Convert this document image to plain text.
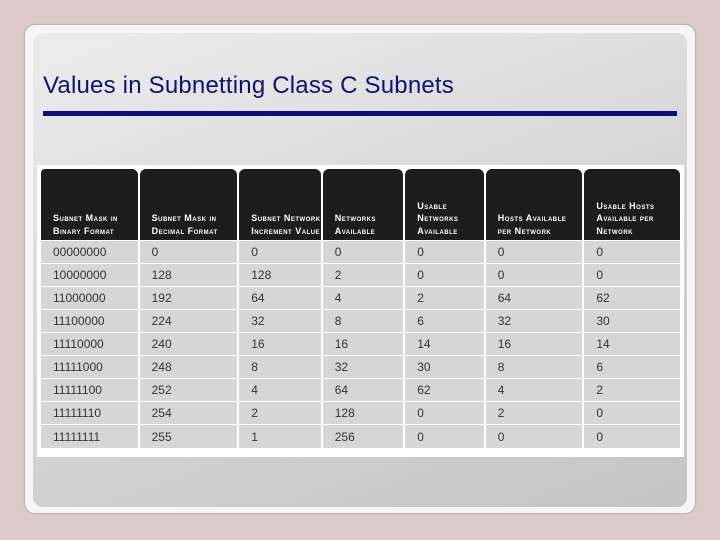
Values in Subnetting Class C Subnets
Subnet Mask in Binary Format	Subnet Mask in Decimal Format	Subnet Network Increment Value	Networks Available	Usable Networks Available	Hosts Available per Network	Usable Hosts Available per Network
00000000	0	0	0	0	0	0
10000000	128	128	2	0	0	0
11000000	192	64	4	2	64	62
11100000	224	32	8	6	32	30
11110000	240	16	16	14	16	14
11111000	248	8	32	30	8	6
11111100	252	4	64	62	4	2
11111110	254	2	128	0	2	0
11111111	255	1	256	0	0	0
